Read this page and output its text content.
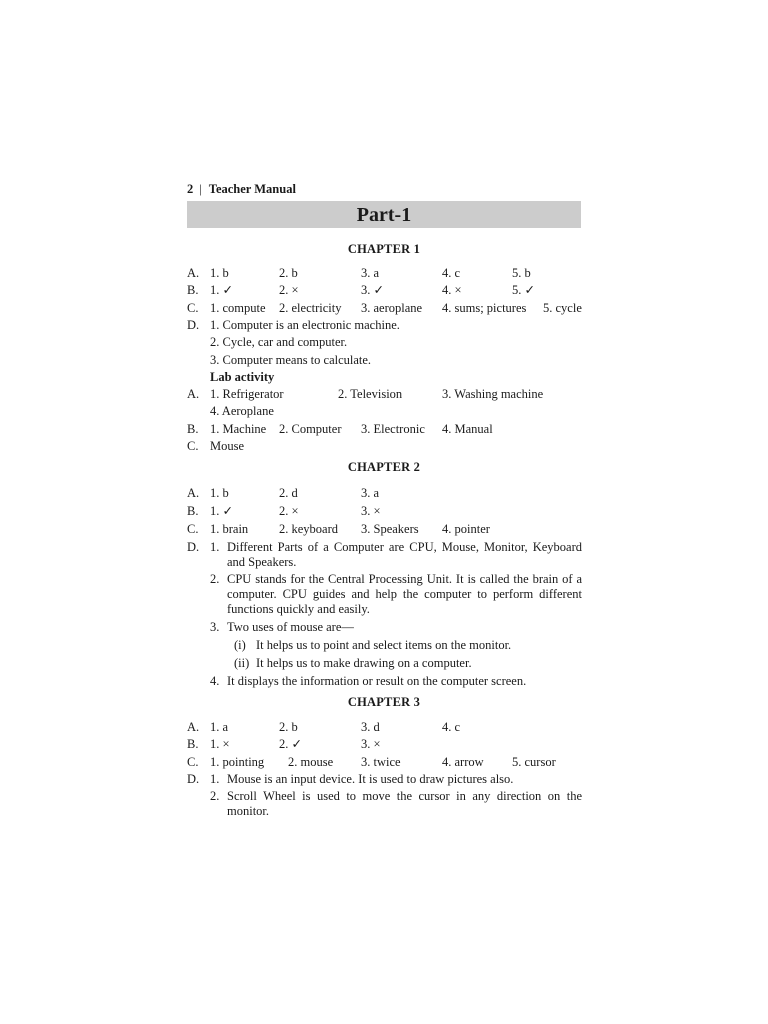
2 | Teacher Manual
Part-1
CHAPTER 1
A. 1. b	2. b	3. a	4. c	5. b
B. 1. ✓	2. ×	3. ✓	4. ×	5. ✓
C. 1. compute 2. electricity 3. aeroplane 4. sums; pictures 5. cycle
D. 1. Computer is an electronic machine.
2. Cycle, car and computer.
3. Computer means to calculate.
Lab activity
A. 1. Refrigerator	2. Television	3. Washing machine
4. Aeroplane
B. 1. Machine 2. Computer 3. Electronic 4. Manual
C. Mouse
CHAPTER 2
A. 1. b	2. d	3. a
B. 1. ✓	2. ×	3. ×
C. 1. brain 2. keyboard 3. Speakers 4. pointer
D. 1. Different Parts of a Computer are CPU, Mouse, Monitor, Keyboard and Speakers.
2. CPU stands for the Central Processing Unit. It is called the brain of a computer. CPU guides and help the computer to perform different functions quickly and easily.
3. Two uses of mouse are—
(i) It helps us to point and select items on the monitor.
(ii) It helps us to make drawing on a computer.
4. It displays the information or result on the computer screen.
CHAPTER 3
A. 1. a	2. b	3. d	4. c
B. 1. ×	2. ✓	3. ×
C. 1. pointing 2. mouse 3. twice	4. arrow 5. cursor
D. 1. Mouse is an input device. It is used to draw pictures also.
2. Scroll Wheel is used to move the cursor in any direction on the monitor.
